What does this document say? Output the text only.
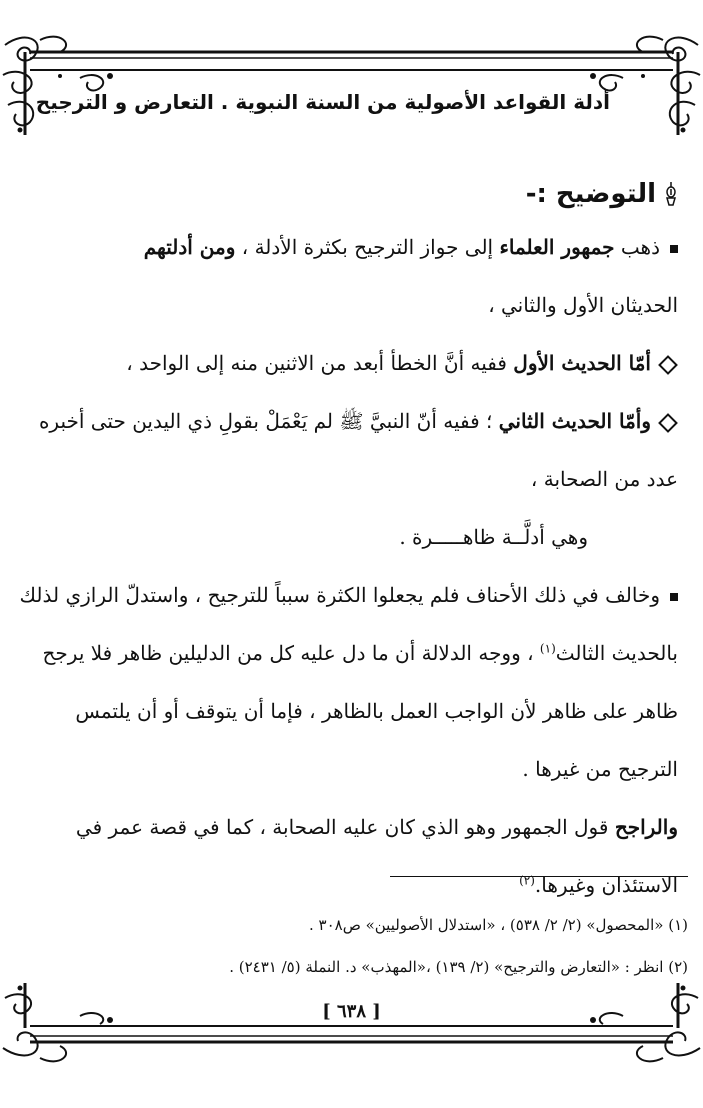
أدلة القواعد الأصولية من السنة النبوية . التعارض و الترجيح
التوضيح :-

ذهب جمهور العلماء إلى جواز الترجيح بكثرة الأدلة ، ومن أدلتهم
الحديثان الأول والثاني ،

أمّا الحديث الأول ففيه أنَّ الخطأ أبعد من الاثنين منه إلى الواحد ،

وأمّا الحديث الثاني ؛ ففيه أنّ النبيَّ ﷺ لم يَعْمَلْ بقولِ ذي اليدين حتى أخبره عدد من الصحابة ،

وهي أدلَّــة ظاهـــــرة .

وخالف في ذلك الأحناف فلم يجعلوا الكثرة سبباً للترجيح ، واستدلّ الرازي لذلك بالحديث الثالث$^{(١)}$ ، ووجه الدلالة أن ما دل عليه كل من الدليلين ظاهر فلا يرجح ظاهر على ظاهر لأن الواجب العمل بالظاهر ، فإما أن يتوقف أو أن يلتمس الترجيح من غيرها .

والراجح قول الجمهور وهو الذي كان عليه الصحابة ، كما في قصة عمر في الاستئذان وغيرها.$^{(٢)}$

(١) «المحصول» (٢/ ٢/ ٥٣٨) ، «استدلال الأصوليين» ص٣٠٨ .
(٢) انظر : «التعارض والترجيح» (٢/ ١٣٩) ،«المهذب» د. النملة (٥/ ٢٤٣١) .
[ ٦٣٨ ]
